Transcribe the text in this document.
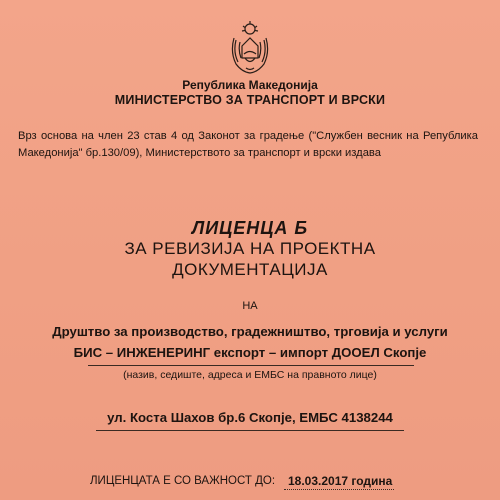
Република Македонија
МИНИСТЕРСТВО ЗА ТРАНСПОРТ И ВРСКИ
Врз основа на член 23 став 4 од Законот за градење ("Службен весник на Република Македонија" бр.130/09), Министерството за транспорт и врски издава
ЛИЦЕНЦА Б
ЗА РЕВИЗИЈА НА ПРОЕКТНА
ДОКУМЕНТАЦИЈА
НА
Друштво за производство, градежништво, трговија и услуги
БИС – ИНЖЕНЕРИНГ експорт – импорт ДООЕЛ Скопје
(назив, седиште, адреса и ЕМБС на правното лице)
ул. Коста Шахов бр.6 Скопје, ЕМБС 4138244
ЛИЦЕНЦАТА Е СО ВАЖНОСТ ДО: 18.03.2017 година
